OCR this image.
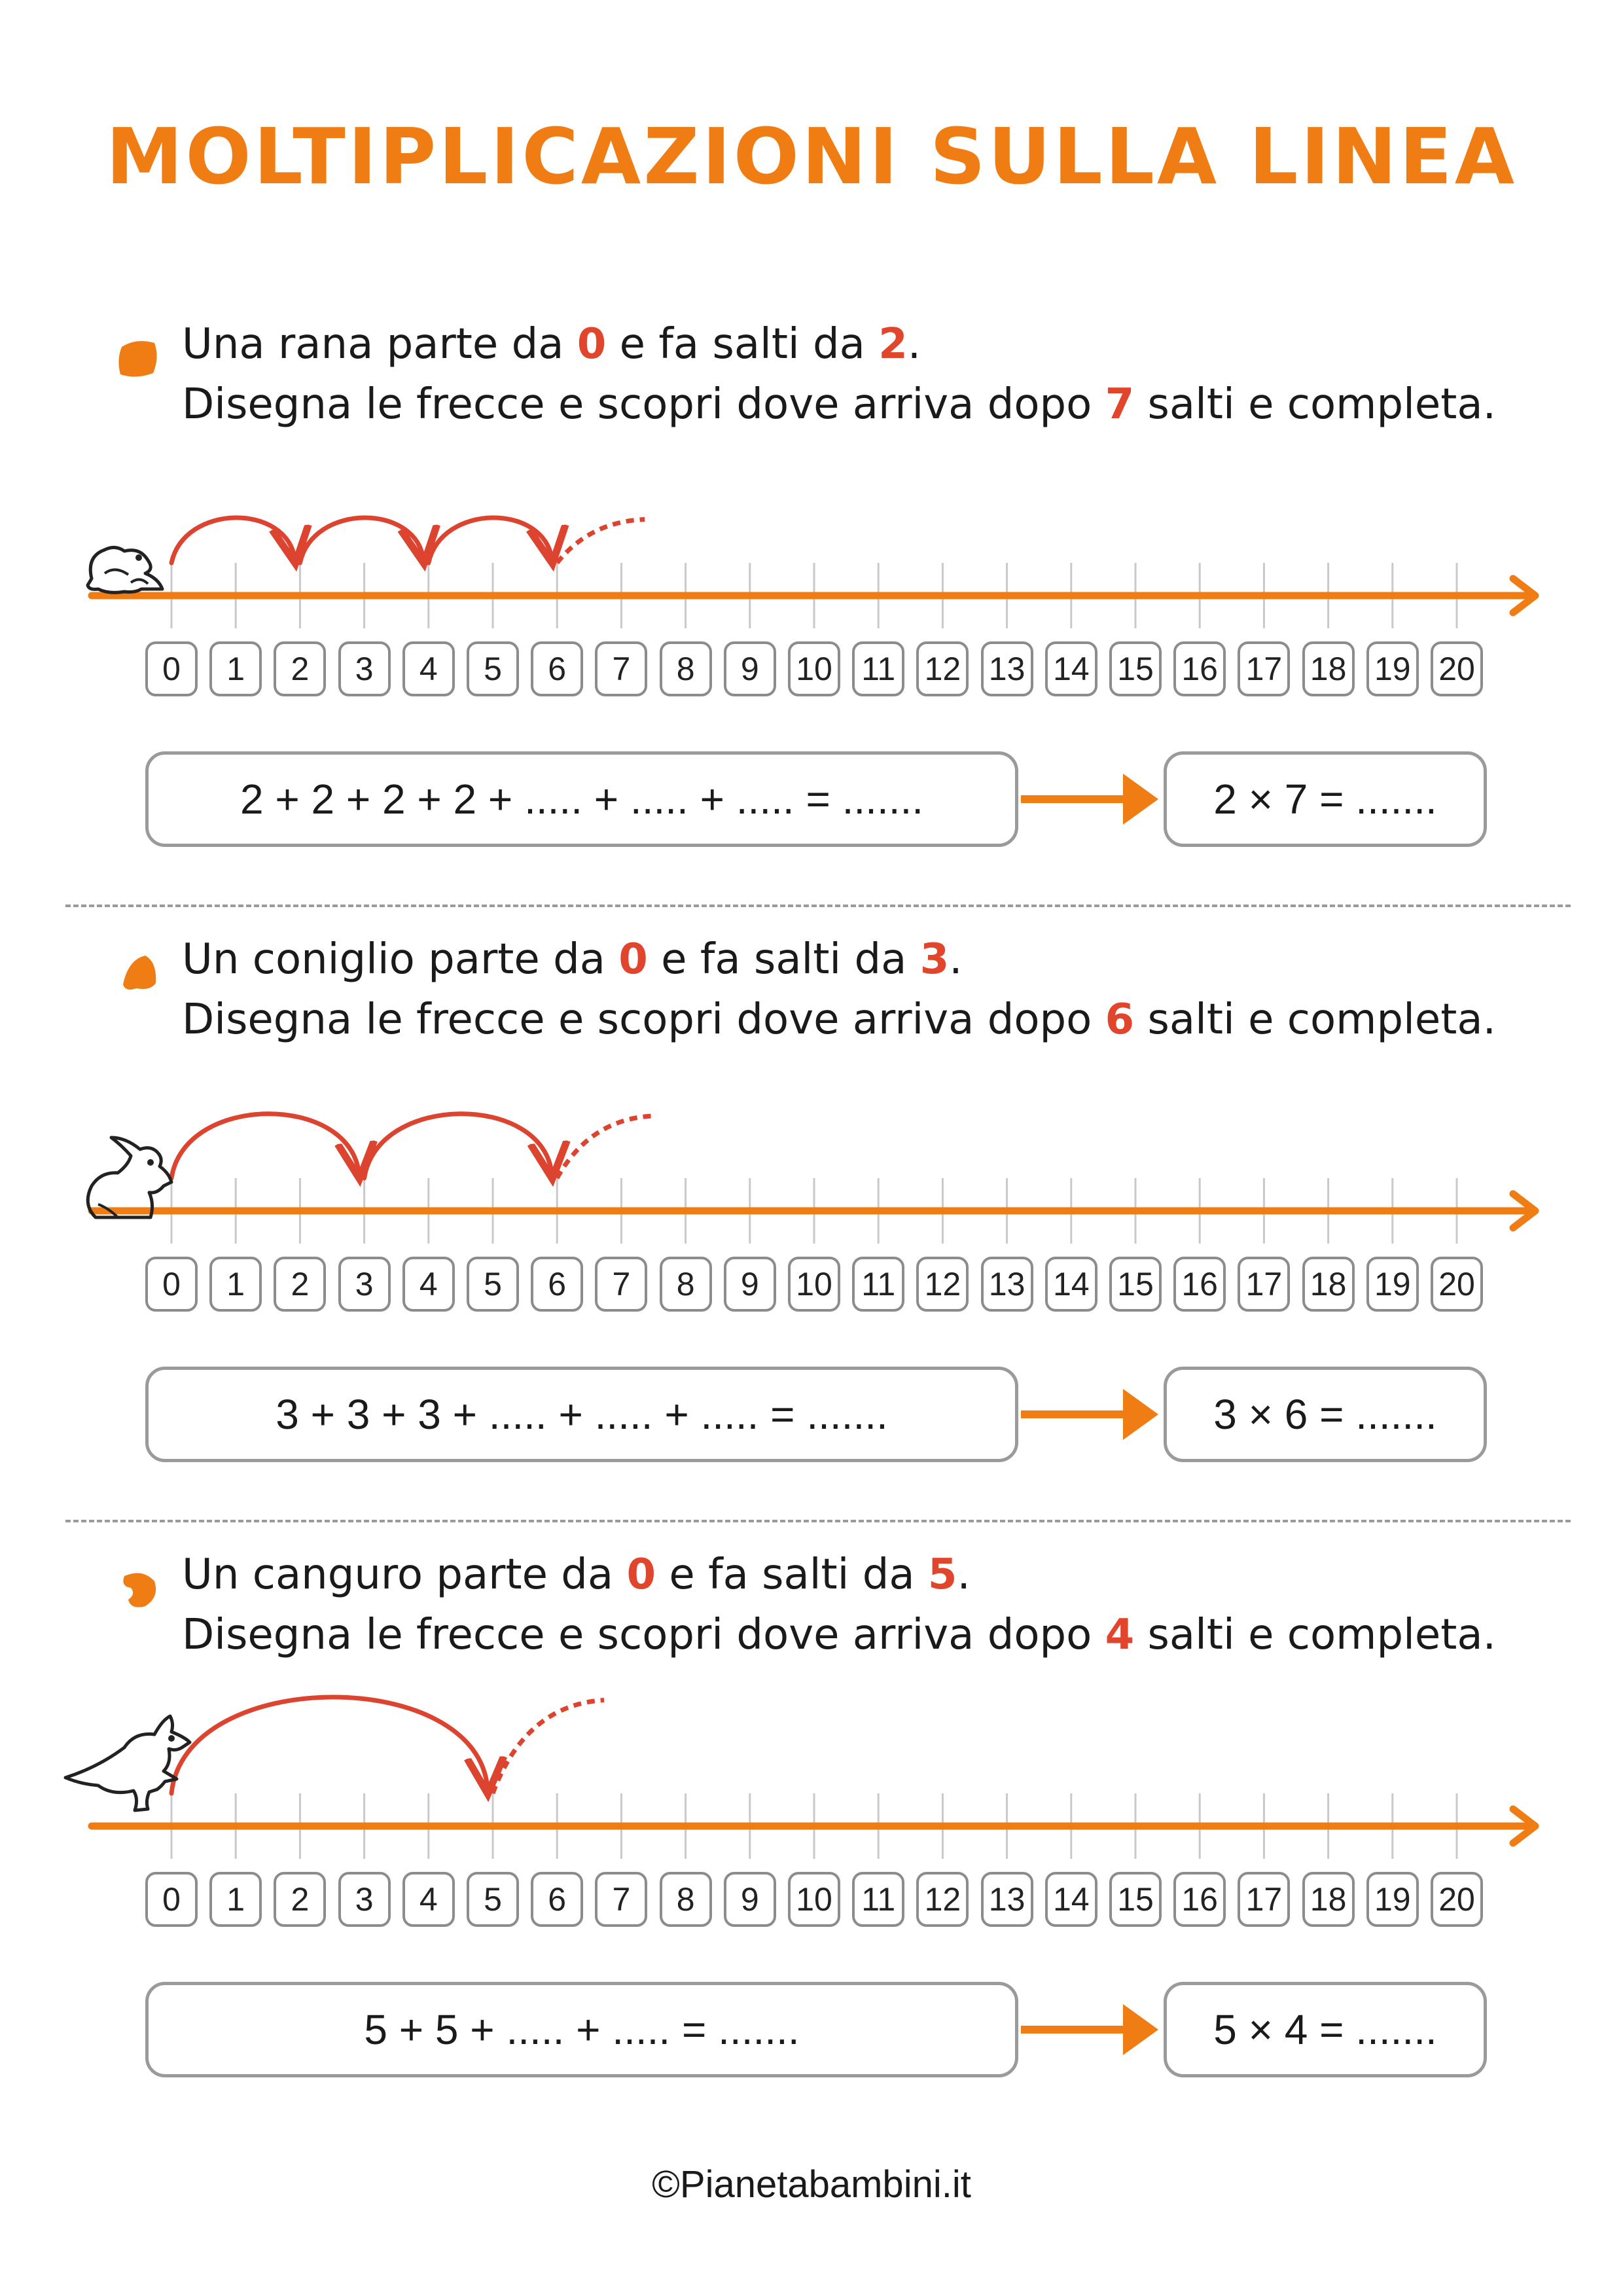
MOLTIPLICAZIONI SULLA LINEA
Una rana parte da 0 e fa salti da 2.
Disegna le frecce e scopri dove arriva dopo 7 salti e completa.
0	1	2	3	4	5	6	7	8	9	10 11 12 13 14 15 16 17 18 19 20
2 + 2 + 2 + 2 + ..... + ..... + ..... = .......	2 × 7 = .......
Un coniglio parte da 0 e fa salti da 3.
Disegna le frecce e scopri dove arriva dopo 6 salti e completa.
0	1	2	3	4	5	6	7	8	9	10 11 12 13 14 15 16 17 18 19 20
3 + 3 + 3 + ..... + ..... + ..... = .......	3 × 6 = .......
Un canguro parte da 0 e fa salti da 5.
Disegna le frecce e scopri dove arriva dopo 4 salti e completa.
0	1	2	3	4	5	6	7	8	9	10 11 12 13 14 15 16 17 18 19 20
5 + 5 + ..... + ..... = .......	5 × 4 = .......
©Pianetabambini.it
